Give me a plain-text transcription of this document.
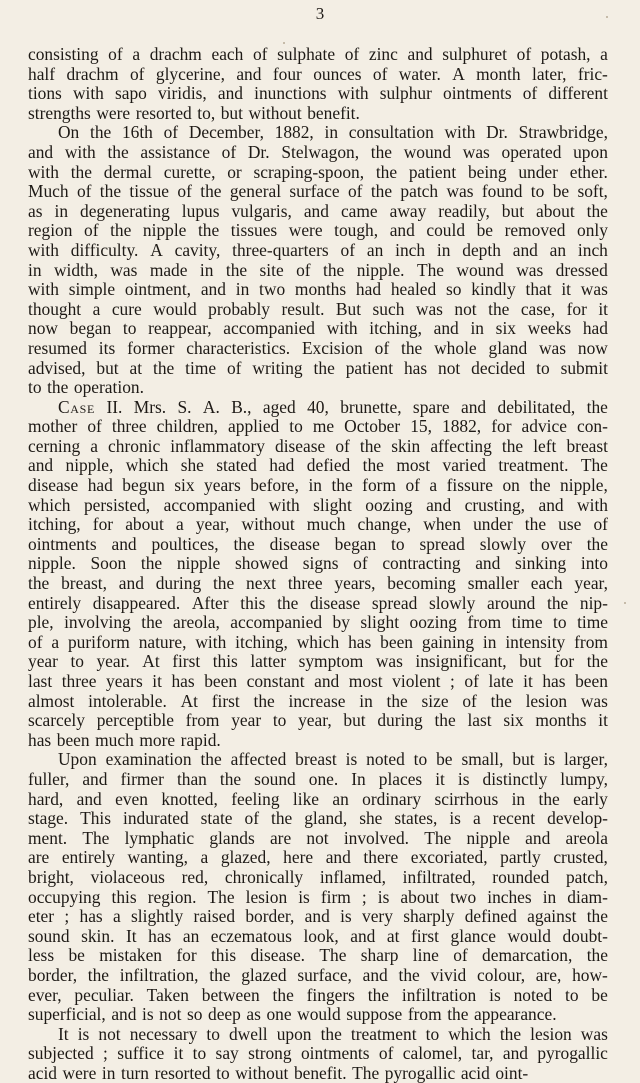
3
consisting of a drachm each of sulphate of zinc and sulphuret of potash, a
half drachm of glycerine, and four ounces of water. A month later, fric-
tions with sapo viridis, and inunctions with sulphur ointments of different
strengths were resorted to, but without benefit.
On the 16th of December, 1882, in consultation with Dr. Strawbridge,
and with the assistance of Dr. Stelwagon, the wound was operated upon
with the dermal curette, or scraping-spoon, the patient being under ether.
Much of the tissue of the general surface of the patch was found to be soft,
as in degenerating lupus vulgaris, and came away readily, but about the
region of the nipple the tissues were tough, and could be removed only
with difficulty. A cavity, three-quarters of an inch in depth and an inch
in width, was made in the site of the nipple. The wound was dressed
with simple ointment, and in two months had healed so kindly that it was
thought a cure would probably result. But such was not the case, for it
now began to reappear, accompanied with itching, and in six weeks had
resumed its former characteristics. Excision of the whole gland was now
advised, but at the time of writing the patient has not decided to submit
to the operation.
Case II. Mrs. S. A. B., aged 40, brunette, spare and debilitated, the
mother of three children, applied to me October 15, 1882, for advice con-
cerning a chronic inflammatory disease of the skin affecting the left breast
and nipple, which she stated had defied the most varied treatment. The
disease had begun six years before, in the form of a fissure on the nipple,
which persisted, accompanied with slight oozing and crusting, and with
itching, for about a year, without much change, when under the use of
ointments and poultices, the disease began to spread slowly over the
nipple. Soon the nipple showed signs of contracting and sinking into
the breast, and during the next three years, becoming smaller each year,
entirely disappeared. After this the disease spread slowly around the nip-
ple, involving the areola, accompanied by slight oozing from time to time
of a puriform nature, with itching, which has been gaining in intensity from
year to year. At first this latter symptom was insignificant, but for the
last three years it has been constant and most violent ; of late it has been
almost intolerable. At first the increase in the size of the lesion was
scarcely perceptible from year to year, but during the last six months it
has been much more rapid.
Upon examination the affected breast is noted to be small, but is larger,
fuller, and firmer than the sound one. In places it is distinctly lumpy,
hard, and even knotted, feeling like an ordinary scirrhous in the early
stage. This indurated state of the gland, she states, is a recent develop-
ment. The lymphatic glands are not involved. The nipple and areola
are entirely wanting, a glazed, here and there excoriated, partly crusted,
bright, violaceous red, chronically inflamed, infiltrated, rounded patch,
occupying this region. The lesion is firm ; is about two inches in diam-
eter ; has a slightly raised border, and is very sharply defined against the
sound skin. It has an eczematous look, and at first glance would doubt-
less be mistaken for this disease. The sharp line of demarcation, the
border, the infiltration, the glazed surface, and the vivid colour, are, how-
ever, peculiar. Taken between the fingers the infiltration is noted to be
superficial, and is not so deep as one would suppose from the appearance.
It is not necessary to dwell upon the treatment to which the lesion was
subjected ; suffice it to say strong ointments of calomel, tar, and pyrogallic
acid were in turn resorted to without benefit. The pyrogallic acid oint-
